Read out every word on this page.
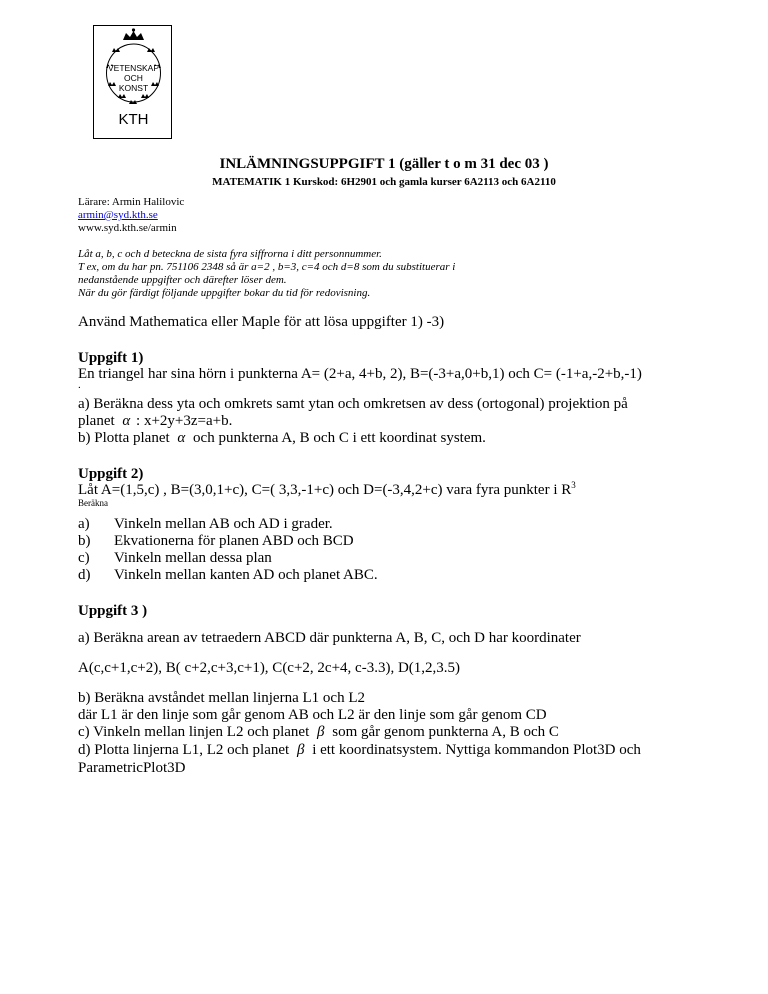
KTH
VETENSKAP
OCH
KONST
INLÄMNINGSUPPGIFT 1 (gäller t o m 31 dec 03 )
MATEMATIK 1 Kurskod: 6H2901 och gamla kurser 6A2113 och 6A2110
Lärare: Armin Halilovic
armin@syd.kth.se
www.syd.kth.se/armin
Låt a, b, c och d beteckna de sista fyra siffrorna i ditt personnummer.
T ex, om du har pn. 751106 2348 så är a=2 , b=3, c=4 och d=8 som du substituerar i
nedanstående uppgifter och därefter löser dem.
När du gör färdigt följande uppgifter bokar du tid för redovisning.
Använd Mathematica eller Maple för att lösa uppgifter 1) -3)
Uppgift 1)
En triangel har sina hörn i punkterna A= (2+a, 4+b, 2), B=(-3+a,0+b,1) och C= (-1+a,-2+b,-1)
.
a) Beräkna dess yta och omkrets samt ytan och omkretsen av dess (ortogonal) projektion på
planet α : x+2y+3z=a+b.
b) Plotta planet α och punkterna A, B och C i ett koordinat system.
Uppgift 2)
Låt A=(1,5,c) , B=(3,0,1+c), C=( 3,3,-1+c) och D=(-3,4,2+c) vara fyra punkter i $R^3$
Beräkna
a) Vinkeln mellan AB och AD i grader.
b) Ekvationerna för planen ABD och BCD
c) Vinkeln mellan dessa plan
d) Vinkeln mellan kanten AD och planet ABC.
Uppgift 3 )
a) Beräkna arean av tetraedern ABCD där punkterna A, B, C, och D har koordinater
A(c,c+1,c+2), B( c+2,c+3,c+1), C(c+2, 2c+4, c-3.3), D(1,2,3.5)
b) Beräkna avståndet mellan linjerna L1 och L2
där L1 är den linje som går genom AB och L2 är den linje som går genom CD
c) Vinkeln mellan linjen L2 och planet β som går genom punkterna A, B och C
d) Plotta linjerna L1, L2 och planet β i ett koordinatsystem. Nyttiga kommandon Plot3D och
ParametricPlot3D
